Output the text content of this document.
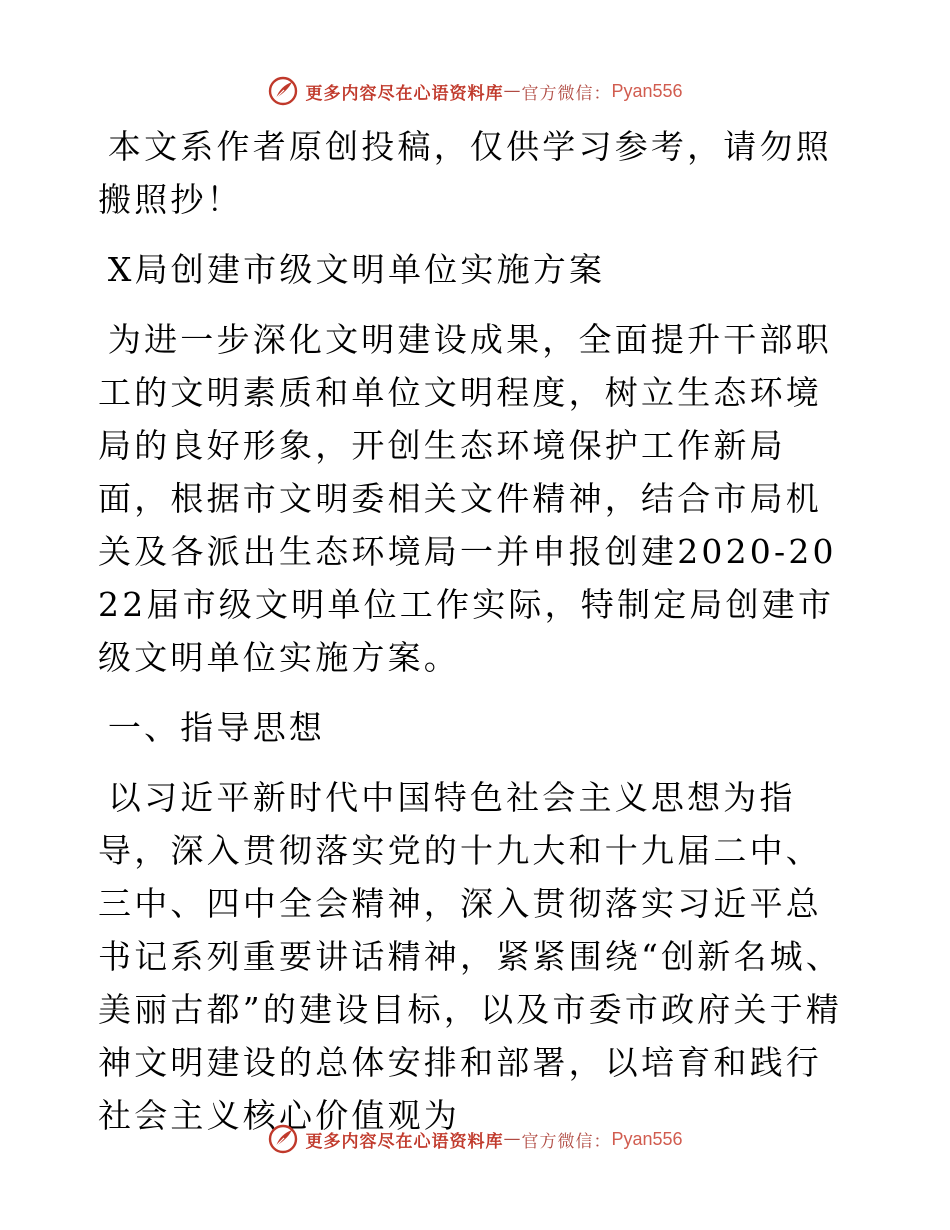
更多内容尽在心语资料库 — 官方微信： Pyan556

本文系作者原创投稿，仅供学习参考，请勿照搬照抄！

X局创建市级文明单位实施方案

为进一步深化文明建设成果，全面提升干部职工的文明素质和单位文明程度，树立生态环境局的良好形象，开创生态环境保护工作新局面，根据市文明委相关文件精神，结合市局机关及各派出生态环境局一并申报创建2020-2022届市级文明单位工作实际，特制定局创建市级文明单位实施方案。

一、指导思想

以习近平新时代中国特色社会主义思想为指导，深入贯彻落实党的十九大和十九届二中、三中、四中全会精神，深入贯彻落实习近平总书记系列重要讲话精神，紧紧围绕“创新名城、美丽古都”的建设目标，以及市委市政府关于精神文明建设的总体安排和部署，以培育和践行社会主义核心价值观为

更多内容尽在心语资料库 — 官方微信： Pyan556
